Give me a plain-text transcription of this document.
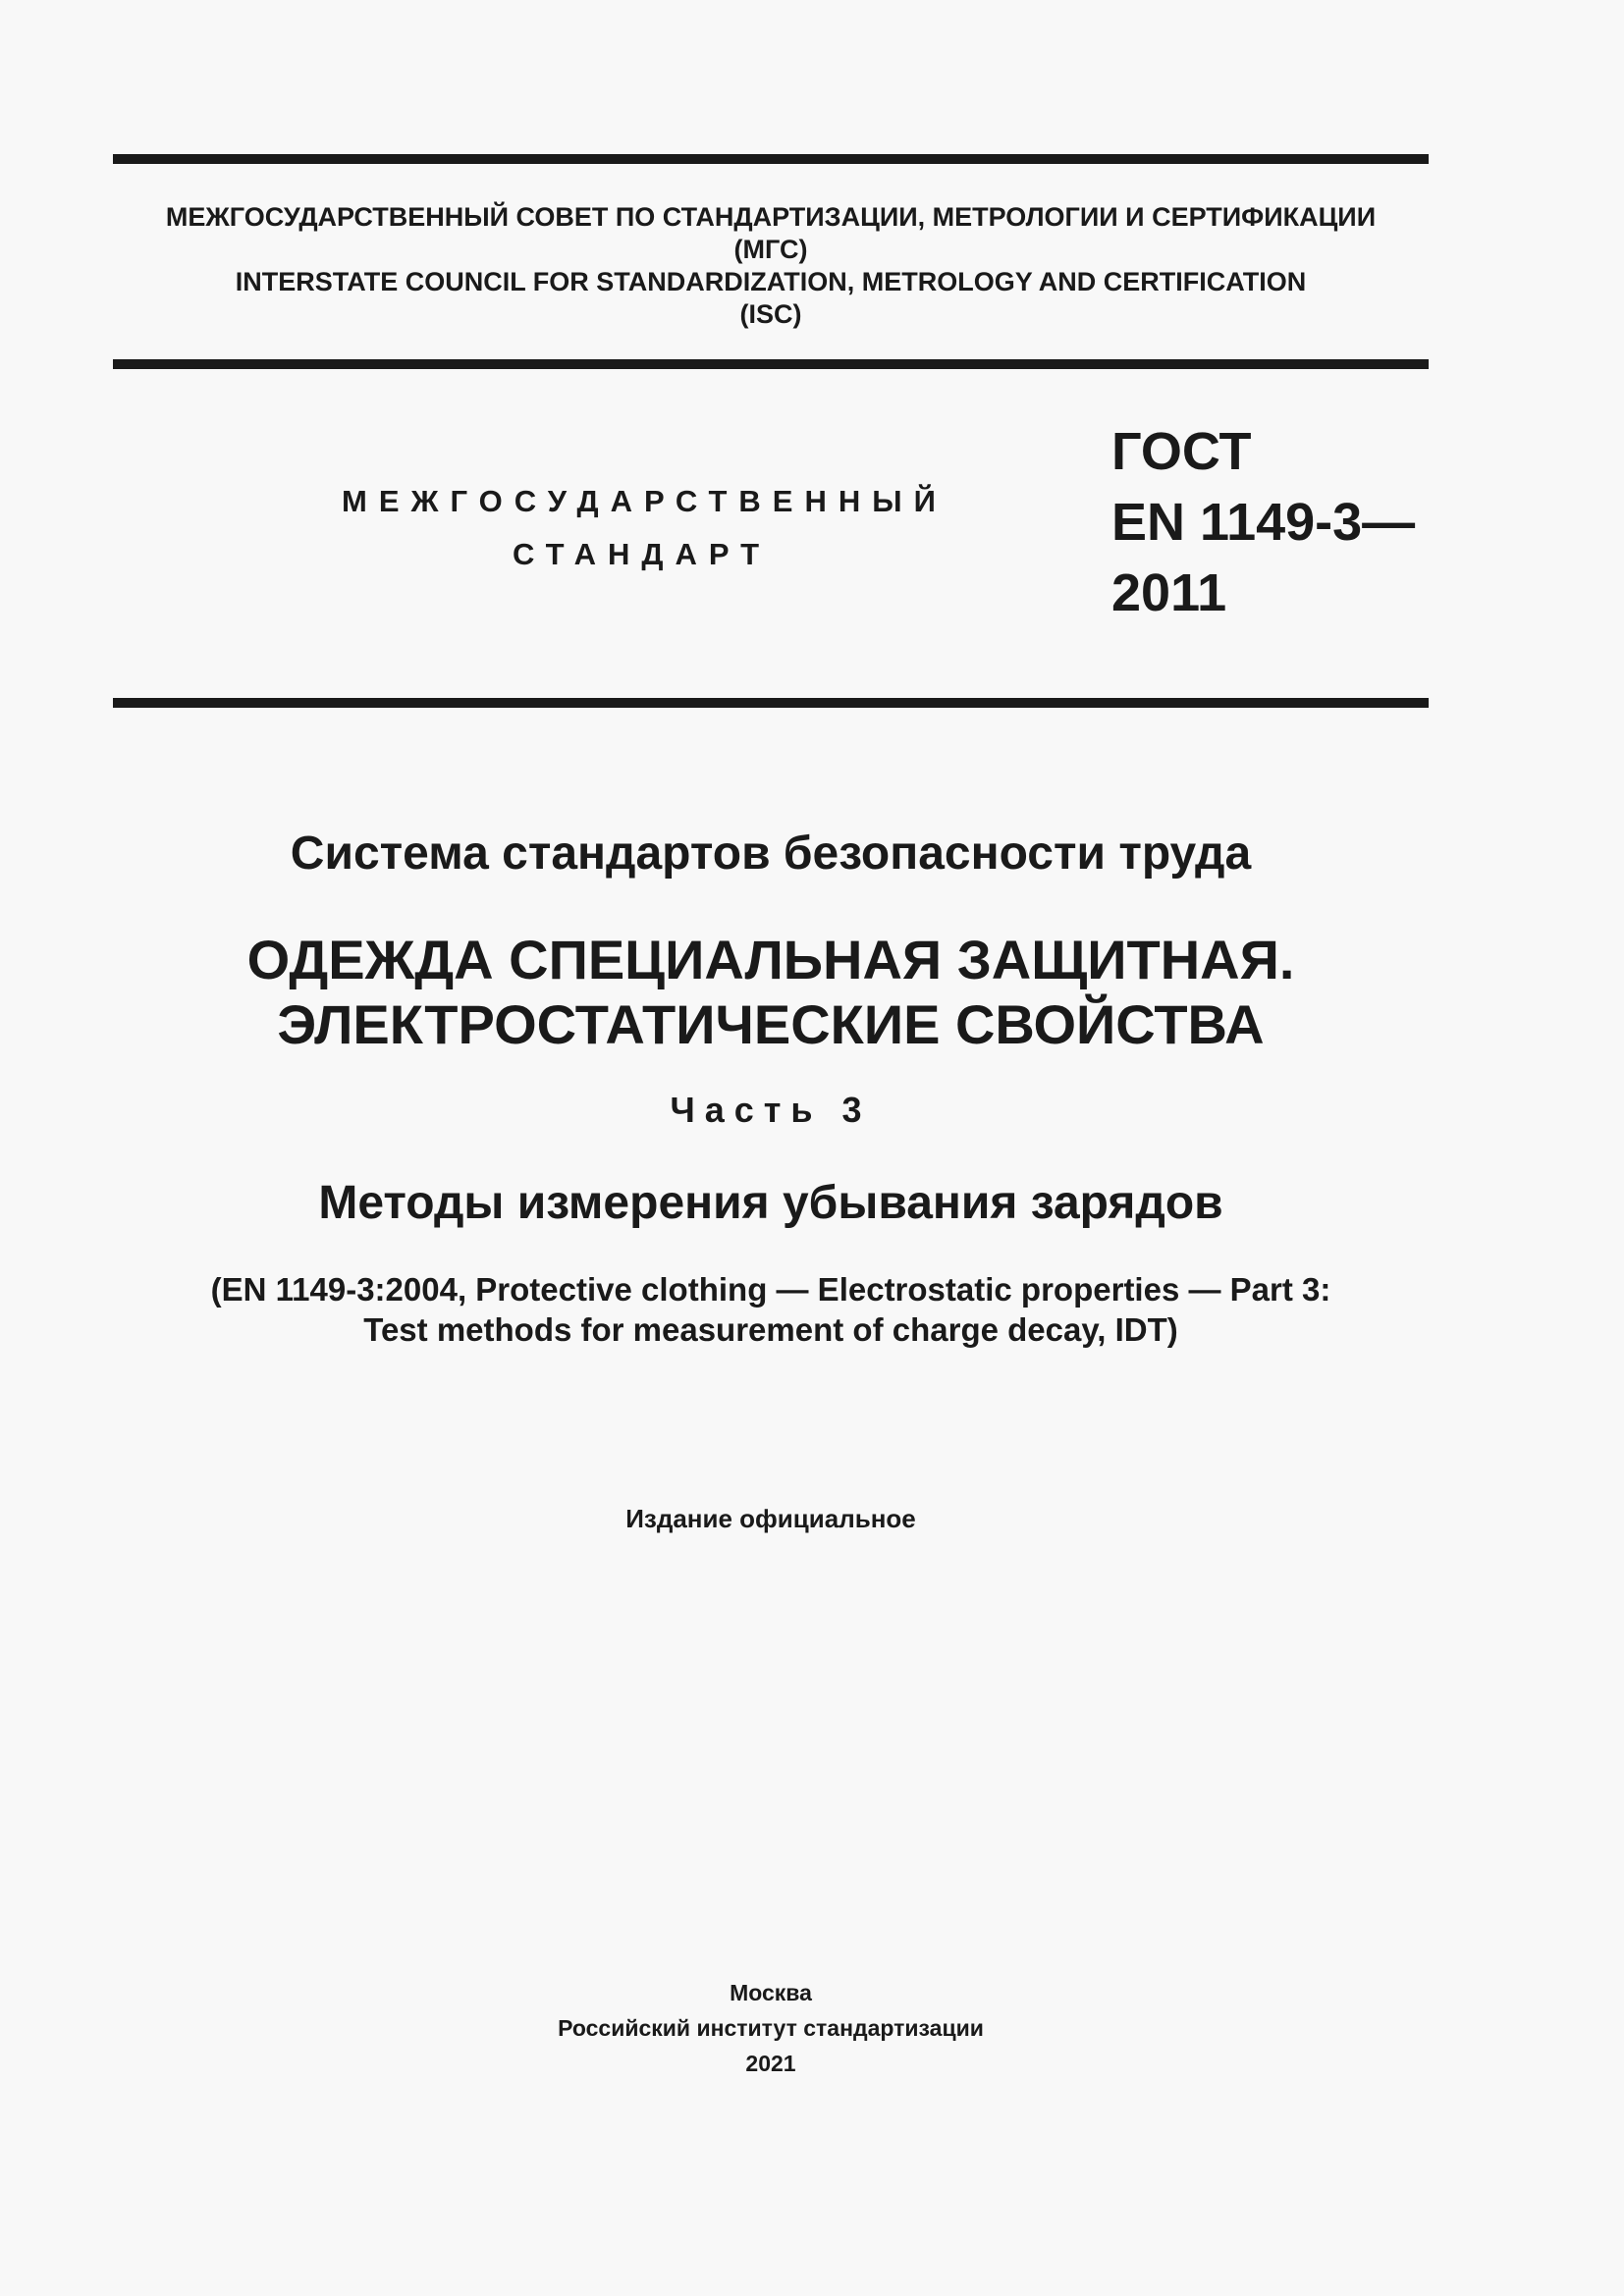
МЕЖГОСУДАРСТВЕННЫЙ СОВЕТ ПО СТАНДАРТИЗАЦИИ, МЕТРОЛОГИИ И СЕРТИФИКАЦИИ
(МГС)
INTERSTATE COUNCIL FOR STANDARDIZATION, METROLOGY AND CERTIFICATION
(ISC)
МЕЖГОСУДАРСТВЕННЫЙ
СТАНДАРТ
ГОСТ
EN 1149-3—
2011
Система стандартов безопасности труда
ОДЕЖДА СПЕЦИАЛЬНАЯ ЗАЩИТНАЯ.
ЭЛЕКТРОСТАТИЧЕСКИЕ СВОЙСТВА
Часть 3
Методы измерения убывания зарядов
(EN 1149-3:2004, Protective clothing — Electrostatic properties — Part 3:
Test methods for measurement of charge decay, IDT)
Издание официальное
Москва
Российский институт стандартизации
2021
